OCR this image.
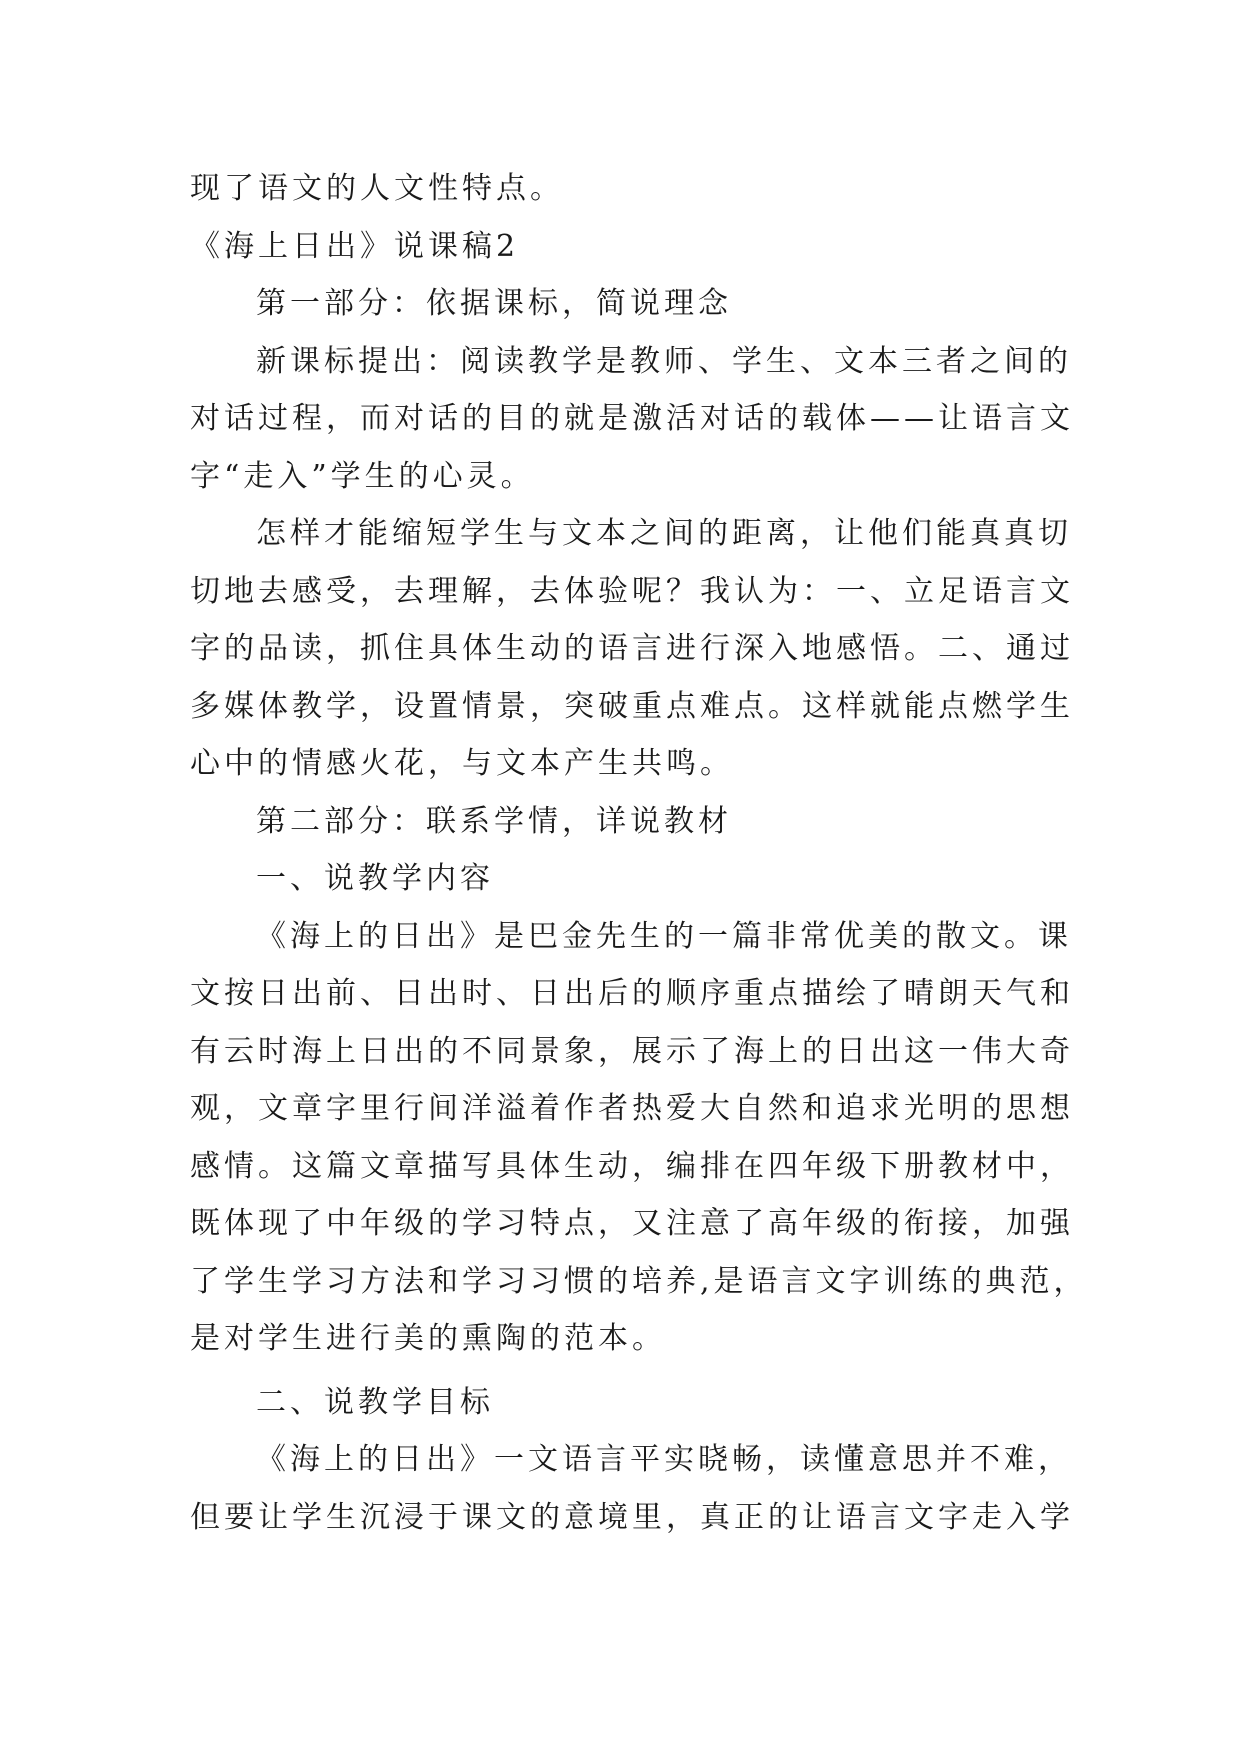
现了语文的人文性特点。
《海上日出》说课稿2
第一部分：依据课标，简说理念
新课标提出：阅读教学是教师、学生、文本三者之间的
对话过程，而对话的目的就是激活对话的载体——让语言文
字“走入”学生的心灵。
怎样才能缩短学生与文本之间的距离，让他们能真真切
切地去感受，去理解，去体验呢？我认为：一、立足语言文
字的品读，抓住具体生动的语言进行深入地感悟。二、通过
多媒体教学，设置情景，突破重点难点。这样就能点燃学生
心中的情感火花，与文本产生共鸣。
第二部分：联系学情，详说教材
一、说教学内容
《海上的日出》是巴金先生的一篇非常优美的散文。课
文按日出前、日出时、日出后的顺序重点描绘了晴朗天气和
有云时海上日出的不同景象，展示了海上的日出这一伟大奇
观，文章字里行间洋溢着作者热爱大自然和追求光明的思想
感情。这篇文章描写具体生动，编排在四年级下册教材中，
既体现了中年级的学习特点，又注意了高年级的衔接，加强
了学生学习方法和学习习惯的培养,是语言文字训练的典范，
是对学生进行美的熏陶的范本。
二、说教学目标
《海上的日出》一文语言平实晓畅，读懂意思并不难，
但要让学生沉浸于课文的意境里，真正的让语言文字走入学
